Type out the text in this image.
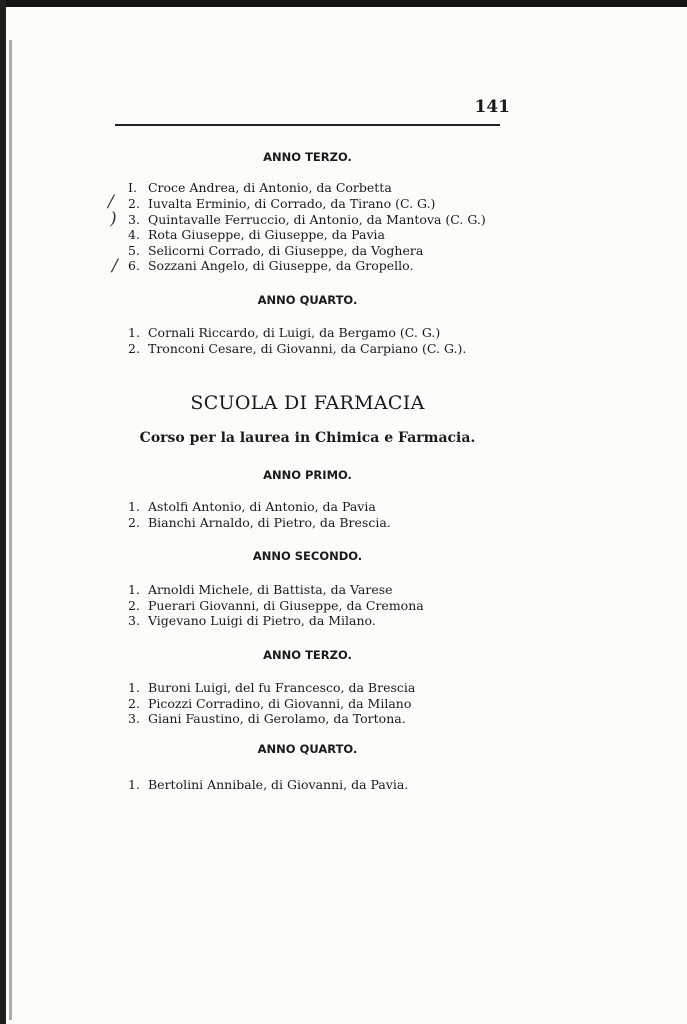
141
/
)
/
ANNO TERZO.
I. Croce Andrea, di Antonio, da Corbetta
2. Iuvalta Erminio, di Corrado, da Tirano (C. G.)
3. Quintavalle Ferruccio, di Antonio, da Mantova (C. G.)
4. Rota Giuseppe, di Giuseppe, da Pavia
5. Selicorni Corrado, di Giuseppe, da Voghera
6. Sozzani Angelo, di Giuseppe, da Gropello.
ANNO QUARTO.
1. Cornali Riccardo, di Luigi, da Bergamo (C. G.)
2. Tronconi Cesare, di Giovanni, da Carpiano (C. G.).
SCUOLA DI FARMACIA
Corso per la laurea in Chimica e Farmacia.
ANNO PRIMO.
1. Astolfi Antonio, di Antonio, da Pavia
2. Bianchi Arnaldo, di Pietro, da Brescia.
ANNO SECONDO.
1. Arnoldi Michele, di Battista, da Varese
2. Puerari Giovanni, di Giuseppe, da Cremona
3. Vigevano Luigi di Pietro, da Milano.
ANNO TERZO.
1. Buroni Luigi, del fu Francesco, da Brescia
2. Picozzi Corradino, di Giovanni, da Milano
3. Giani Faustino, di Gerolamo, da Tortona.
ANNO QUARTO.
1. Bertolini Annibale, di Giovanni, da Pavia.
